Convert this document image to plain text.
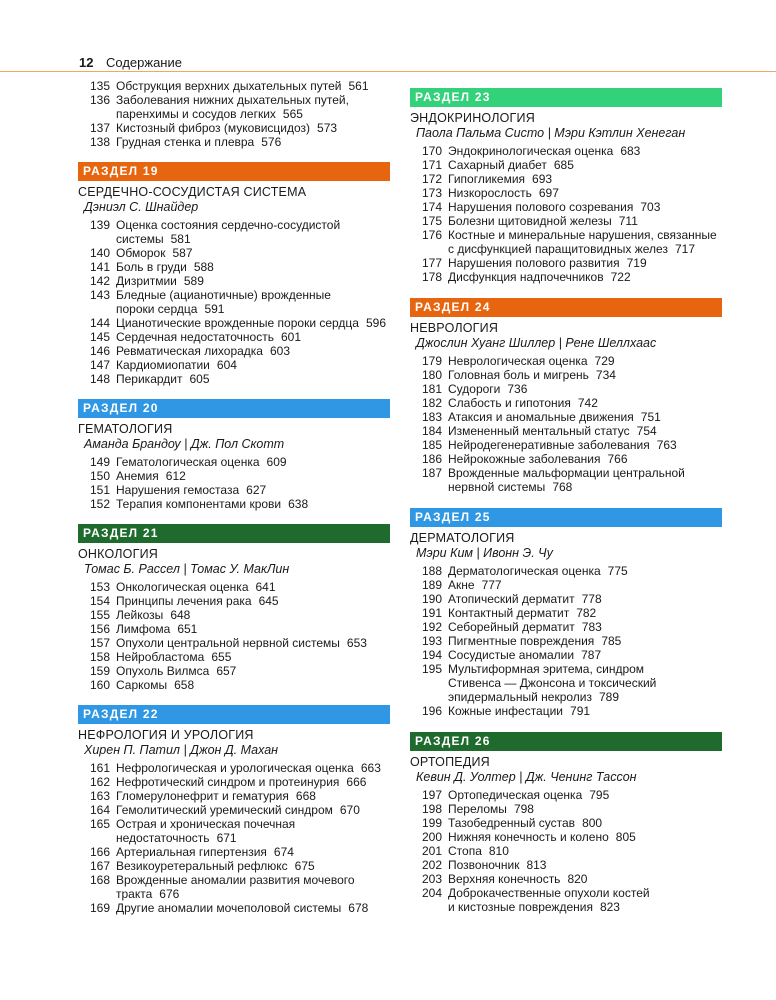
12 Содержание
135 Обструкция верхних дыхательных путей 561
136 Заболевания нижних дыхательных путей,
паренхимы и сосудов легких 565
137 Кистозный фиброз (муковисцидоз) 573
138 Грудная стенка и плевра 576
РАЗДЕЛ 19
СЕРДЕЧНО-СОСУДИСТАЯ СИСТЕМА
Дэниэл С. Шнайдер
139 Оценка состояния сердечно-сосудистой
системы 581
140 Обморок 587
141 Боль в груди 588
142 Дизритмии 589
143 Бледные (ацианотичные) врожденные
пороки сердца 591
144 Цианотические врожденные пороки сердца 596
145 Сердечная недостаточность 601
146 Ревматическая лихорадка 603
147 Кардиомиопатии 604
148 Перикардит 605
РАЗДЕЛ 20
ГЕМАТОЛОГИЯ
Аманда Брандоу | Дж. Пол Скотт
149 Гематологическая оценка 609
150 Анемия 612
151 Нарушения гемостаза 627
152 Терапия компонентами крови 638
РАЗДЕЛ 21
ОНКОЛОГИЯ
Томас Б. Рассел | Томас У. МакЛин
153 Онкологическая оценка 641
154 Принципы лечения рака 645
155 Лейкозы 648
156 Лимфома 651
157 Опухоли центральной нервной системы 653
158 Нейробластома 655
159 Опухоль Вилмса 657
160 Саркомы 658
РАЗДЕЛ 22
НЕФРОЛОГИЯ И УРОЛОГИЯ
Хирен П. Патил | Джон Д. Махан
161 Нефрологическая и урологическая оценка 663
162 Нефротический синдром и протеинурия 666
163 Гломерулонефрит и гематурия 668
164 Гемолитический уремический синдром 670
165 Острая и хроническая почечная
недостаточность 671
166 Артериальная гипертензия 674
167 Везикоуретеральный рефлюкс 675
168 Врожденные аномалии развития мочевого
тракта 676
169 Другие аномалии мочеполовой системы 678
РАЗДЕЛ 23
ЭНДОКРИНОЛОГИЯ
Паола Пальма Систо | Мэри Кэтлин Хенеган
170 Эндокринологическая оценка 683
171 Сахарный диабет 685
172 Гипогликемия 693
173 Низкорослость 697
174 Нарушения полового созревания 703
175 Болезни щитовидной железы 711
176 Костные и минеральные нарушения, связанные
с дисфункцией паращитовидных желез 717
177 Нарушения полового развития 719
178 Дисфункция надпочечников 722
РАЗДЕЛ 24
НЕВРОЛОГИЯ
Джослин Хуанг Шиллер | Рене Шеллхаас
179 Неврологическая оценка 729
180 Головная боль и мигрень 734
181 Судороги 736
182 Слабость и гипотония 742
183 Атаксия и аномальные движения 751
184 Измененный ментальный статус 754
185 Нейродегенеративные заболевания 763
186 Нейрокожные заболевания 766
187 Врожденные мальформации центральной
нервной системы 768
РАЗДЕЛ 25
ДЕРМАТОЛОГИЯ
Мэри Ким | Ивонн Э. Чу
188 Дерматологическая оценка 775
189 Акне 777
190 Атопический дерматит 778
191 Контактный дерматит 782
192 Себорейный дерматит 783
193 Пигментные повреждения 785
194 Сосудистые аномалии 787
195 Мультиформная эритема, синдром
Стивенса — Джонсона и токсический
эпидермальный некролиз 789
196 Кожные инфестации 791
РАЗДЕЛ 26
ОРТОПЕДИЯ
Кевин Д. Уолтер | Дж. Ченинг Тассон
197 Ортопедическая оценка 795
198 Переломы 798
199 Тазобедренный сустав 800
200 Нижняя конечность и колено 805
201 Стопа 810
202 Позвоночник 813
203 Верхняя конечность 820
204 Доброкачественные опухоли костей
и кистозные повреждения 823
